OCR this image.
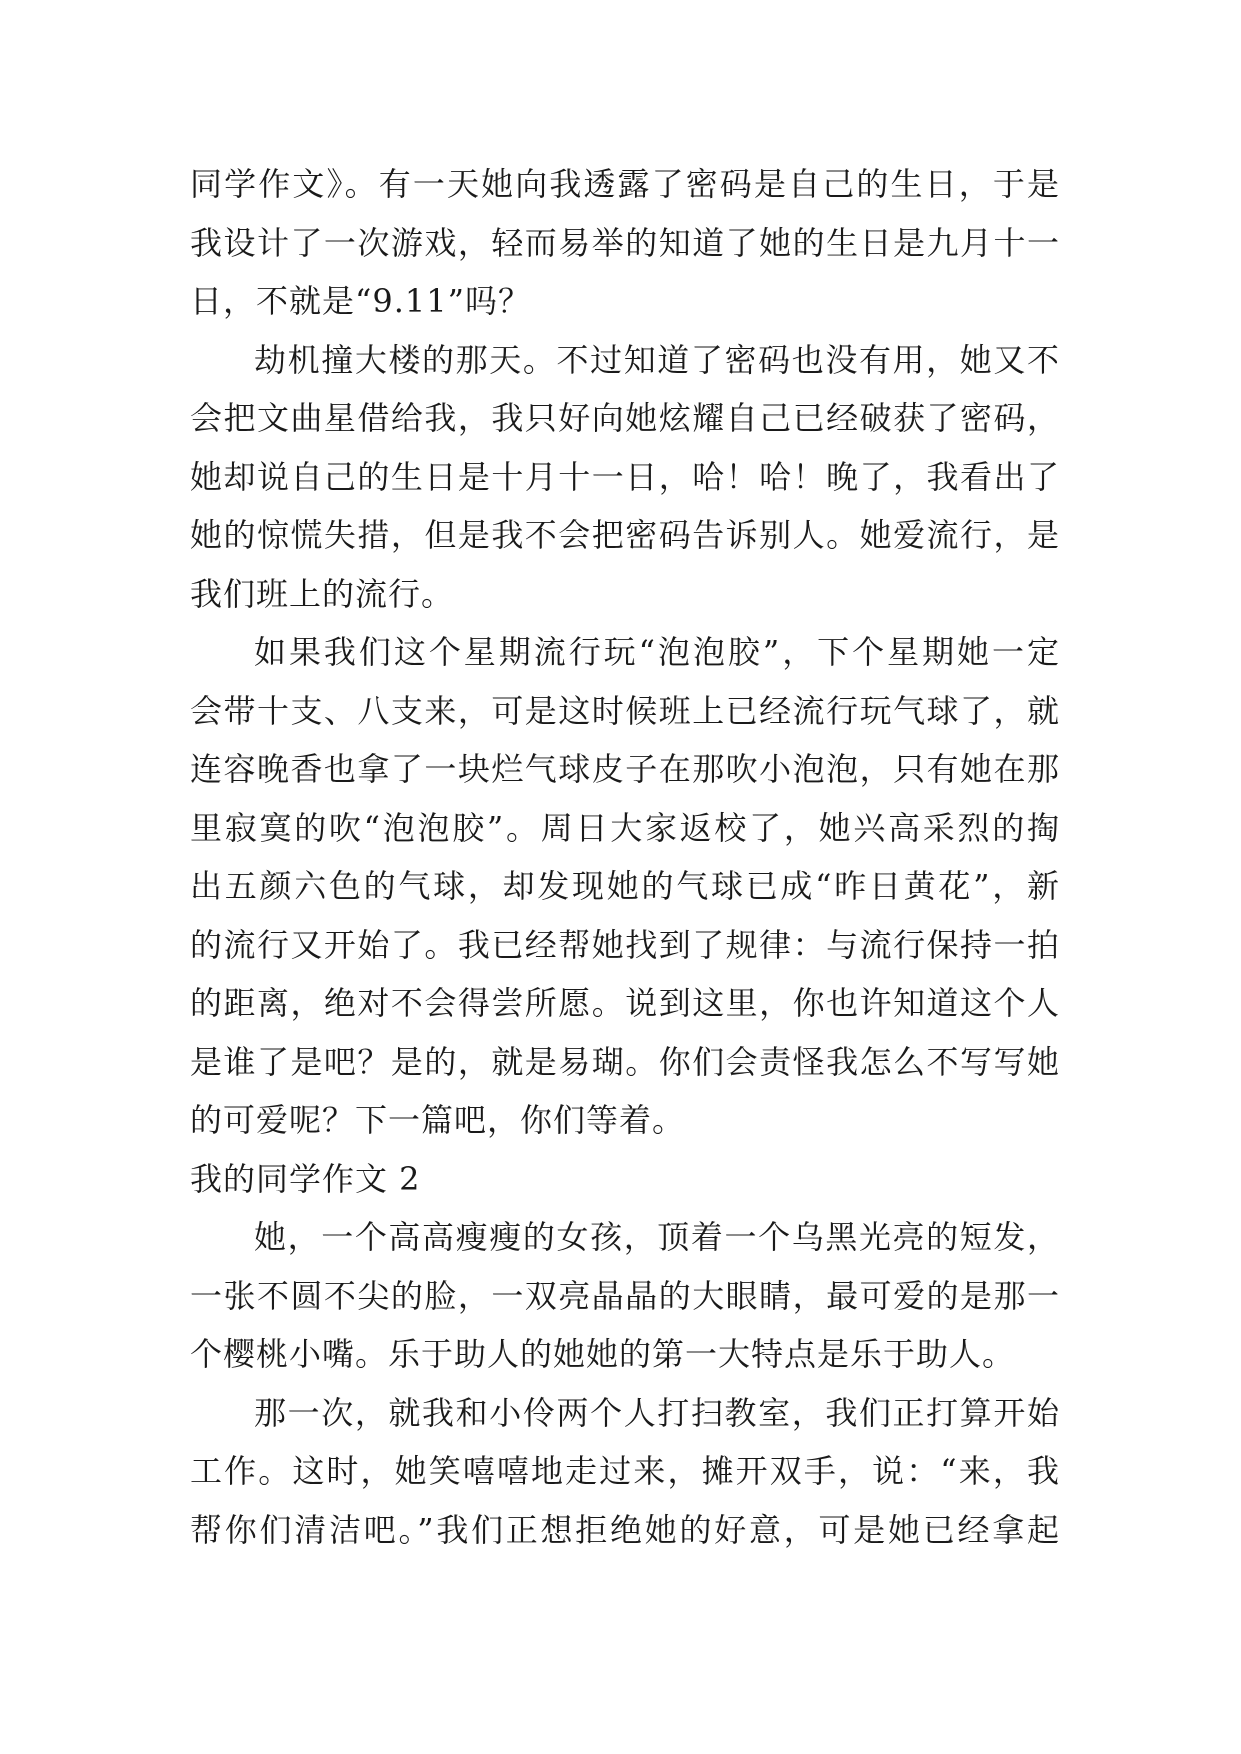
同学作文》。有一天她向我透露了密码是自己的生日，于是
我设计了一次游戏，轻而易举的知道了她的生日是九月十一
日，不就是“9.11”吗？
劫机撞大楼的那天。不过知道了密码也没有用，她又不
会把文曲星借给我，我只好向她炫耀自己已经破获了密码，
她却说自己的生日是十月十一日，哈！哈！晚了，我看出了
她的惊慌失措，但是我不会把密码告诉别人。她爱流行，是
我们班上的流行。
如果我们这个星期流行玩“泡泡胶”，下个星期她一定
会带十支、八支来，可是这时候班上已经流行玩气球了，就
连容晚香也拿了一块烂气球皮子在那吹小泡泡，只有她在那
里寂寞的吹“泡泡胶”。周日大家返校了，她兴高采烈的掏
出五颜六色的气球，却发现她的气球已成“昨日黄花”，新
的流行又开始了。我已经帮她找到了规律：与流行保持一拍
的距离，绝对不会得尝所愿。说到这里，你也许知道这个人
是谁了是吧？是的，就是易瑚。你们会责怪我怎么不写写她
的可爱呢？下一篇吧，你们等着。
我的同学作文 2
她，一个高高瘦瘦的女孩，顶着一个乌黑光亮的短发，
一张不圆不尖的脸，一双亮晶晶的大眼睛，最可爱的是那一
个樱桃小嘴。乐于助人的她她的第一大特点是乐于助人。
那一次，就我和小伶两个人打扫教室，我们正打算开始
工作。这时，她笑嘻嘻地走过来，摊开双手，说：“来，我
帮你们清洁吧。”我们正想拒绝她的好意，可是她已经拿起
